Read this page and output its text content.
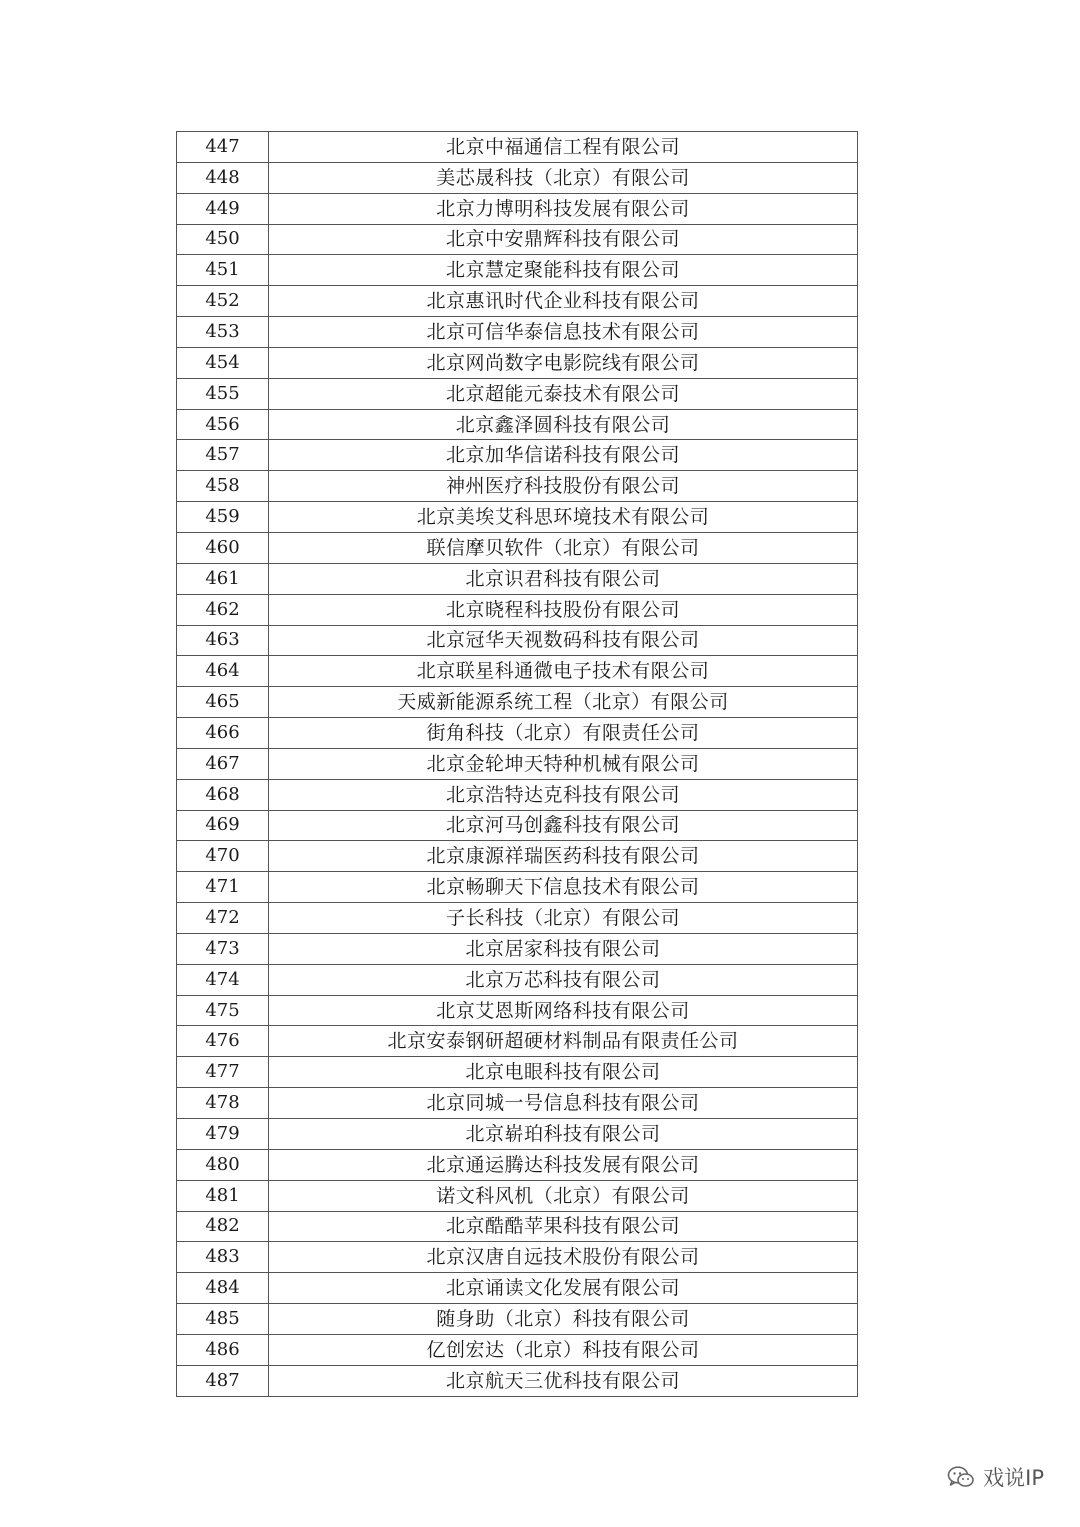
447	北京中福通信工程有限公司
448	美芯晟科技（北京）有限公司
449	北京力博明科技发展有限公司
450	北京中安鼎辉科技有限公司
451	北京慧定聚能科技有限公司
452	北京惠讯时代企业科技有限公司
453	北京可信华泰信息技术有限公司
454	北京网尚数字电影院线有限公司
455	北京超能元泰技术有限公司
456	北京鑫泽圆科技有限公司
457	北京加华信诺科技有限公司
458	神州医疗科技股份有限公司
459	北京美埃艾科思环境技术有限公司
460	联信摩贝软件（北京）有限公司
461	北京识君科技有限公司
462	北京晓程科技股份有限公司
463	北京冠华天视数码科技有限公司
464	北京联星科通微电子技术有限公司
465	天威新能源系统工程（北京）有限公司
466	街角科技（北京）有限责任公司
467	北京金轮坤天特种机械有限公司
468	北京浩特达克科技有限公司
469	北京河马创鑫科技有限公司
470	北京康源祥瑞医药科技有限公司
471	北京畅聊天下信息技术有限公司
472	子长科技（北京）有限公司
473	北京居家科技有限公司
474	北京万芯科技有限公司
475	北京艾恩斯网络科技有限公司
476	北京安泰钢研超硬材料制品有限责任公司
477	北京电眼科技有限公司
478	北京同城一号信息科技有限公司
479	北京崭珀科技有限公司
480	北京通运腾达科技发展有限公司
481	诺文科风机（北京）有限公司
482	北京酷酷苹果科技有限公司
483	北京汉唐自远技术股份有限公司
484	北京诵读文化发展有限公司
485	随身助（北京）科技有限公司
486	亿创宏达（北京）科技有限公司
487	北京航天三优科技有限公司
戏说IP
